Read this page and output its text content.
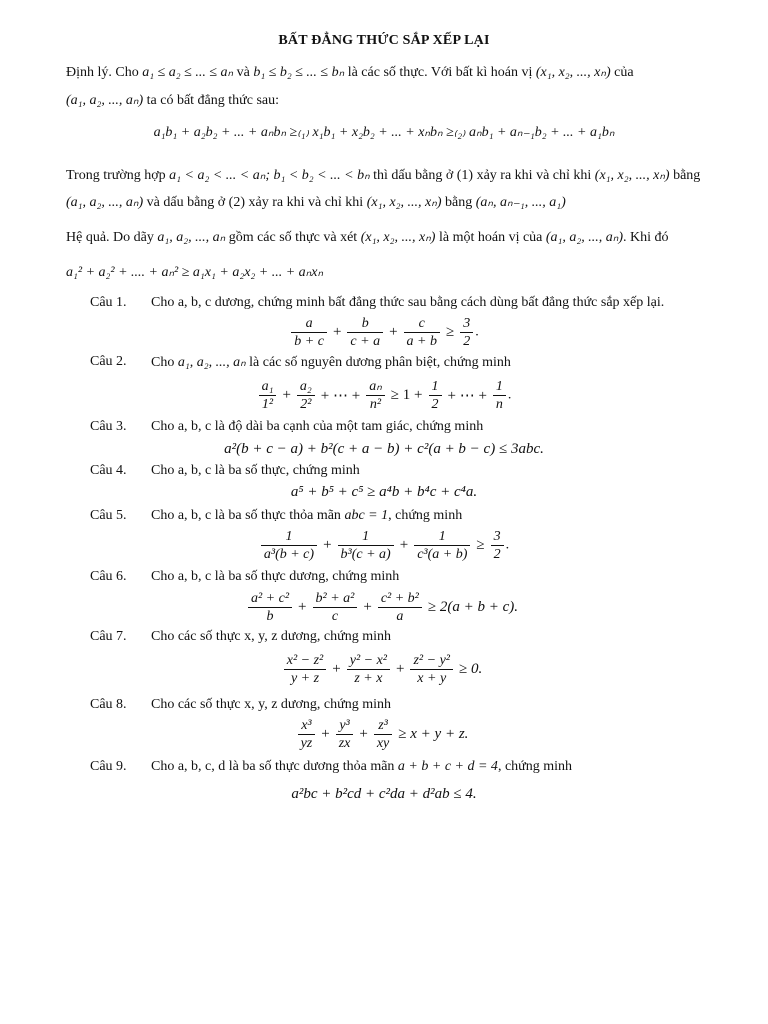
BẤT ĐẲNG THỨC SẮP XẾP LẠI
Định lý. Cho a₁ ≤ a₂ ≤ ... ≤ aₙ và b₁ ≤ b₂ ≤ ... ≤ bₙ là các số thực. Với bất kì hoán vị (x₁, x₂, ..., xₙ) của
(a₁, a₂, ..., aₙ) ta có bất đẳng thức sau:
a₁b₁ + a₂b₂ + ... + aₙbₙ ≥₍₁₎ x₁b₁ + x₂b₂ + ... + xₙbₙ ≥₍₂₎ aₙb₁ + aₙ₋₁b₂ + ... + a₁bₙ
Trong trường hợp a₁ < a₂ < ... < aₙ; b₁ < b₂ < ... < bₙ thì dấu bằng ở (1) xảy ra khi và chỉ khi (x₁, x₂, ..., xₙ) bằng
(a₁, a₂, ..., aₙ) và dấu bằng ở (2) xảy ra khi và chỉ khi (x₁, x₂, ..., xₙ) bằng (aₙ, aₙ₋₁, ..., a₁)
Hệ quả. Do dãy a₁, a₂, ..., aₙ gồm các số thực và xét (x₁, x₂, ..., xₙ) là một hoán vị của (a₁, a₂, ..., aₙ). Khi đó
a₁² + a₂² + .... + aₙ² ≥ a₁x₁ + a₂x₂ + ... + aₙxₙ
Câu 1. Cho a, b, c dương, chứng minh bất đẳng thức sau bằng cách dùng bất đẳng thức sắp xếp lại.
$\frac{a}{b + c} + \frac{b}{c + a} + \frac{c}{a + b} \ge \frac{3}{2}$ .
Câu 2. Cho a₁, a₂, ..., aₙ là các số nguyên dương phân biệt, chứng minh
$\frac{\text{a₁}}{\text{1²}} + \frac{\text{a₂}}{\text{2²}}$ + ⋯ + $\frac{\text{aₙ}}{\text{n²}} \ge 1 + \frac{1}{2}$ + ⋯ + $\frac{1}{n}$ .
Câu 3. Cho a, b, c là độ dài ba cạnh của một tam giác, chứng minh
a²(b + c − a) + b²(c + a − b) + c²(a + b − c) ≤ 3abc.
Câu 4. Cho a, b, c là ba số thực, chứng minh
a⁵ + b⁵ + c⁵ ≥ a⁴b + b⁴c + c⁴a.
Câu 5. Cho a, b, c là ba số thực thỏa mãn abc = 1, chứng minh
$\frac{1}{\text{a³(b + c)}} + \frac{1}{\text{b³(c + a)}} + \frac{1}{\text{c³(a + b)}} \ge \frac{3}{2}$ .
Câu 6. Cho a, b, c là ba số thực dương, chứng minh
$\frac{\text{a² + c²}}{b} + \frac{\text{b² + a²}}{c} + \frac{\text{c² + b²}}{a} \ge 2(a + b + c)$.
Câu 7. Cho các số thực x, y, z dương, chứng minh
$\frac{\text{x² − z²}}{y + z} + \frac{\text{y² − x²}}{z + x} + \frac{\text{z² − y²}}{x + y} \ge 0$.
Câu 8. Cho các số thực x, y, z dương, chứng minh
$\frac{\text{x³}}{yz} + \frac{\text{y³}}{zx} + \frac{\text{z³}}{xy} \ge x + y + z$.
Câu 9. Cho a, b, c, d là ba số thực dương thỏa mãn a + b + c + d = 4, chứng minh
a²bc + b²cd + c²da + d²ab ≤ 4.
